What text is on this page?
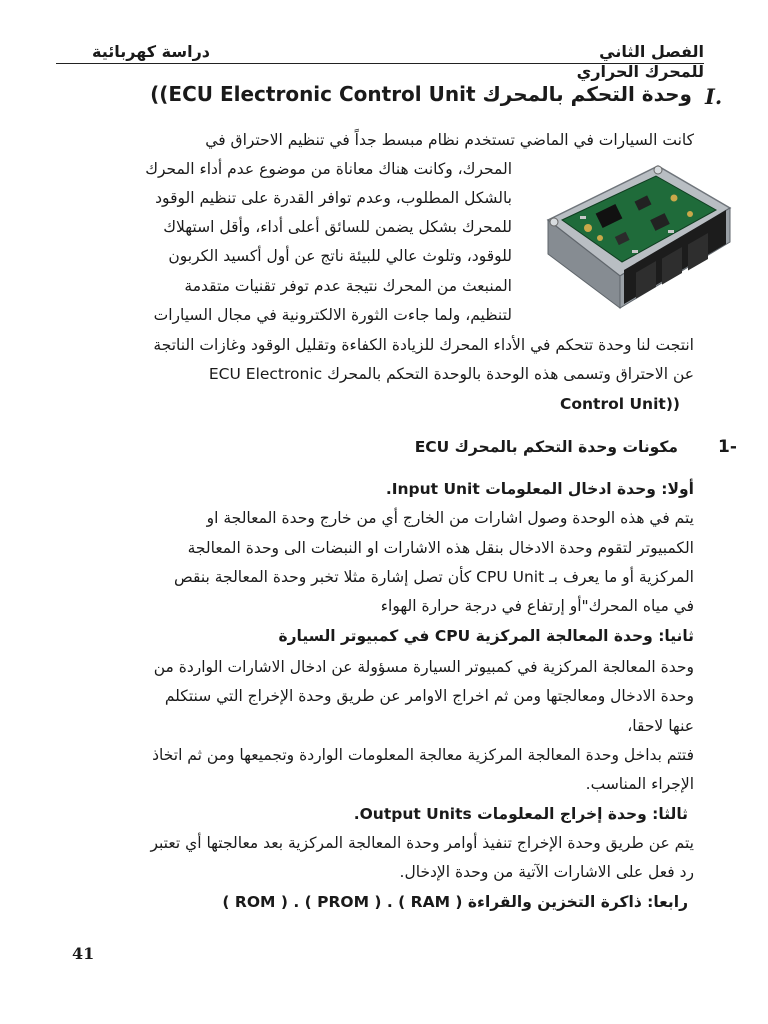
الفصل الثاني
للمحرك الحراري
دراسة كهربائية
I.
وحدة التحكم بالمحرك ECU Electronic Control Unit))
كانت السيارات في الماضي تستخدم نظام مبسط جداً في تنظيم الاحتراق في
المحرك، وكانت هناك معاناة من موضوع عدم أداء المحرك
بالشكل المطلوب، وعدم توافر القدرة على تنظيم الوقود
للمحرك بشكل يضمن للسائق أعلى أداء، وأقل استهلاك
للوقود، وتلوث عالي للبيئة ناتج عن أول أكسيد الكربون
المنبعث من المحرك نتيجة عدم توفر تقنيات متقدمة
لتنظيم، ولما جاءت الثورة الالكترونية في مجال السيارات
انتجت لنا وحدة تتحكم في الأداء المحرك للزيادة الكفاءة وتقليل الوقود وغازات الناتجة
عن الاحتراق وتسمى هذه الوحدة بالوحدة التحكم بالمحرك ECU Electronic
Control Unit))
1-
مكونات وحدة التحكم بالمحرك ECU
أولا: وحدة ادخال المعلومات Input Unit.
يتم في هذه الوحدة وصول اشارات من الخارج أي من خارج وحدة المعالجة او
الكمبيوتر لتقوم وحدة الادخال بنقل هذه الاشارات او النبضات الى وحدة المعالجة
المركزية أو ما يعرف بـ CPU Unit كأن تصل إشارة مثلا تخبر وحدة المعالجة بنقص
في مياه المحرك"أو إرتفاع في درجة حرارة الهواء
ثانيا: وحدة المعالجة المركزية CPU في كمبيوتر السيارة
وحدة المعالجة المركزية في كمبيوتر السيارة مسؤولة عن ادخال الاشارات الواردة من
وحدة الادخال ومعالجتها ومن ثم اخراج الاوامر عن طريق وحدة الإخراج التي سنتكلم
عنها لاحقا،
فتتم بداخل وحدة المعالجة المركزية معالجة المعلومات الواردة وتجميعها ومن ثم اتخاذ
الإجراء المناسب.
ثالثا: وحدة إخراج المعلومات Output Units.
يتم عن طريق وحدة الإخراج تنفيذ أوامر وحدة المعالجة المركزية بعد معالجتها أي تعتبر
رد فعل على الاشارات الآتية من وحدة الإدخال.
رابعا: ذاكرة التخزين والقراءة ( RAM ) . ( PROM ) . ( ROM )
41
